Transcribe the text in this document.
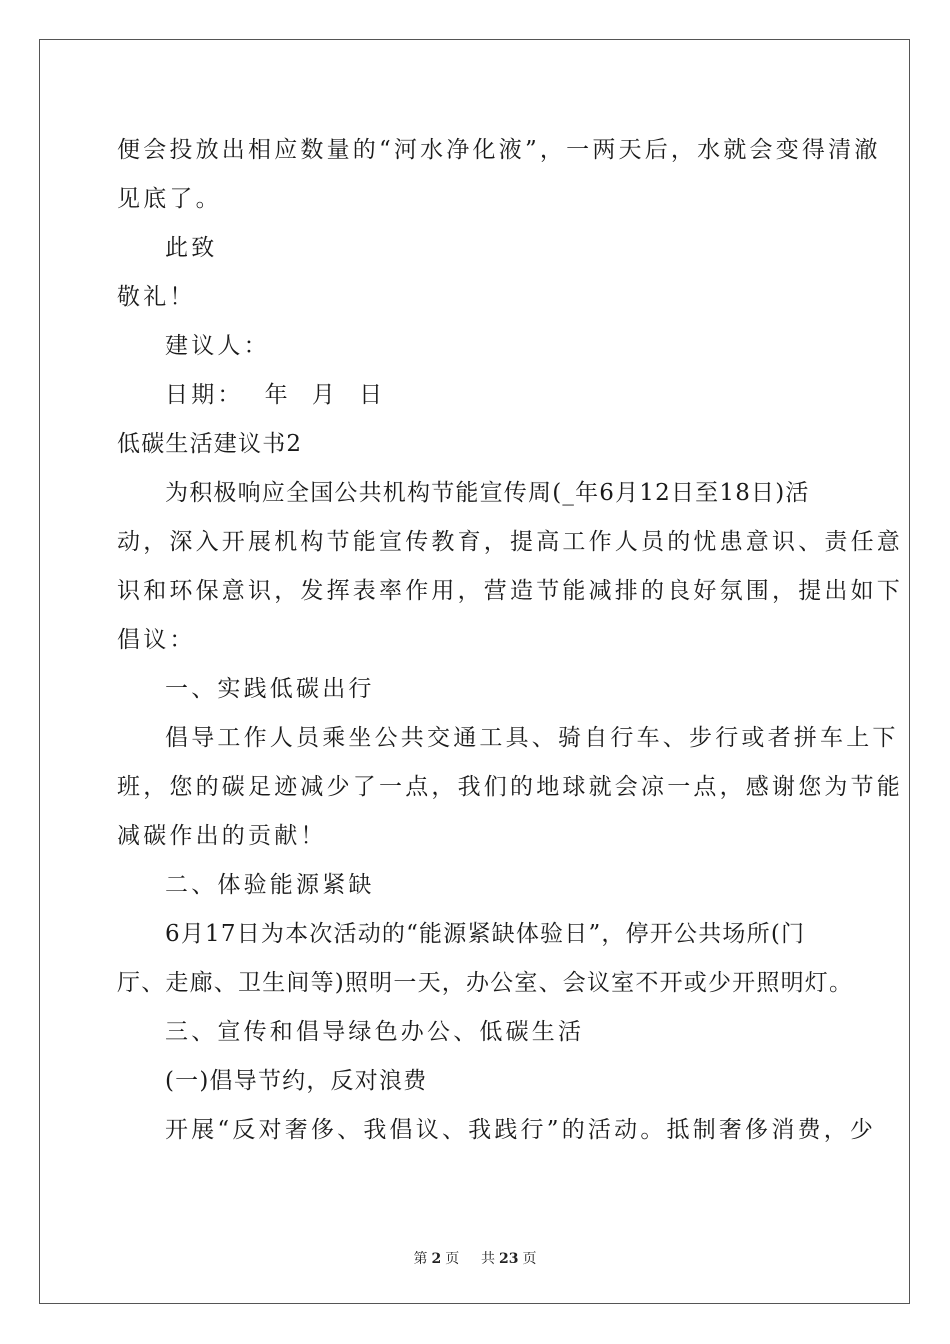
便会投放出相应数量的“河水净化液”，一两天后，水就会变得清澈
见底了。
此致
敬礼！
建议人：
日期：  年  月  日
低碳生活建议书2
为积极响应全国公共机构节能宣传周(_年6月12日至18日)活
动，深入开展机构节能宣传教育，提高工作人员的忧患意识、责任意
识和环保意识，发挥表率作用，营造节能减排的良好氛围，提出如下
倡议：
一、实践低碳出行
倡导工作人员乘坐公共交通工具、骑自行车、步行或者拼车上下
班，您的碳足迹减少了一点，我们的地球就会凉一点，感谢您为节能
减碳作出的贡献！
二、体验能源紧缺
6月17日为本次活动的“能源紧缺体验日”，停开公共场所(门
厅、走廊、卫生间等)照明一天，办公室、会议室不开或少开照明灯。
三、宣传和倡导绿色办公、低碳生活
(一)倡导节约，反对浪费
开展“反对奢侈、我倡议、我践行”的活动。抵制奢侈消费，少
第 2 页 共 23 页
